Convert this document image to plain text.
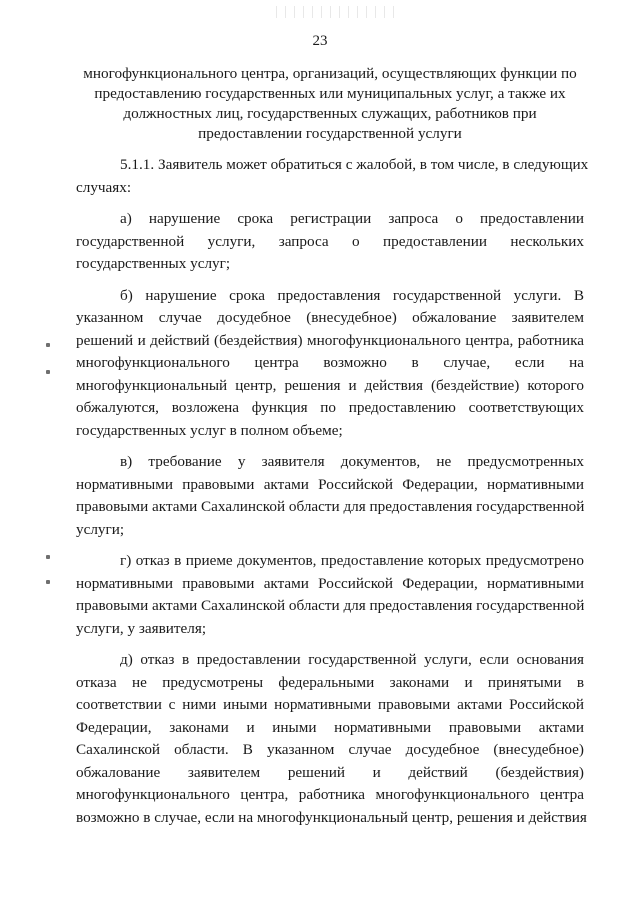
23
многофункционального центра, организаций, осуществляющих функции по
предоставлению государственных или муниципальных услуг, а также их
должностных лиц, государственных служащих, работников при
предоставлении государственной услуги
5.1.1. Заявитель может обратиться с жалобой, в том числе, в следующих
случаях:
а) нарушение срока регистрации запроса о предоставлении
государственной услуги, запроса о предоставлении нескольких
государственных услуг;
б) нарушение срока предоставления государственной услуги. В
указанном случае досудебное (внесудебное) обжалование заявителем
решений и действий (бездействия) многофункционального центра, работника
многофункционального центра возможно в случае, если на
многофункциональный центр, решения и действия (бездействие) которого
обжалуются, возложена функция по предоставлению соответствующих
государственных услуг в полном объеме;
в) требование у заявителя документов, не предусмотренных
нормативными правовыми актами Российской Федерации, нормативными
правовыми актами Сахалинской области для предоставления государственной
услуги;
г) отказ в приеме документов, предоставление которых предусмотрено
нормативными правовыми актами Российской Федерации, нормативными
правовыми актами Сахалинской области для предоставления государственной
услуги, у заявителя;
д) отказ в предоставлении государственной услуги, если основания
отказа не предусмотрены федеральными законами и принятыми в
соответствии с ними иными нормативными правовыми актами Российской
Федерации, законами и иными нормативными правовыми актами
Сахалинской области. В указанном случае досудебное (внесудебное)
обжалование заявителем решений и действий (бездействия)
многофункционального центра, работника многофункционального центра
возможно в случае, если на многофункциональный центр, решения и действия
